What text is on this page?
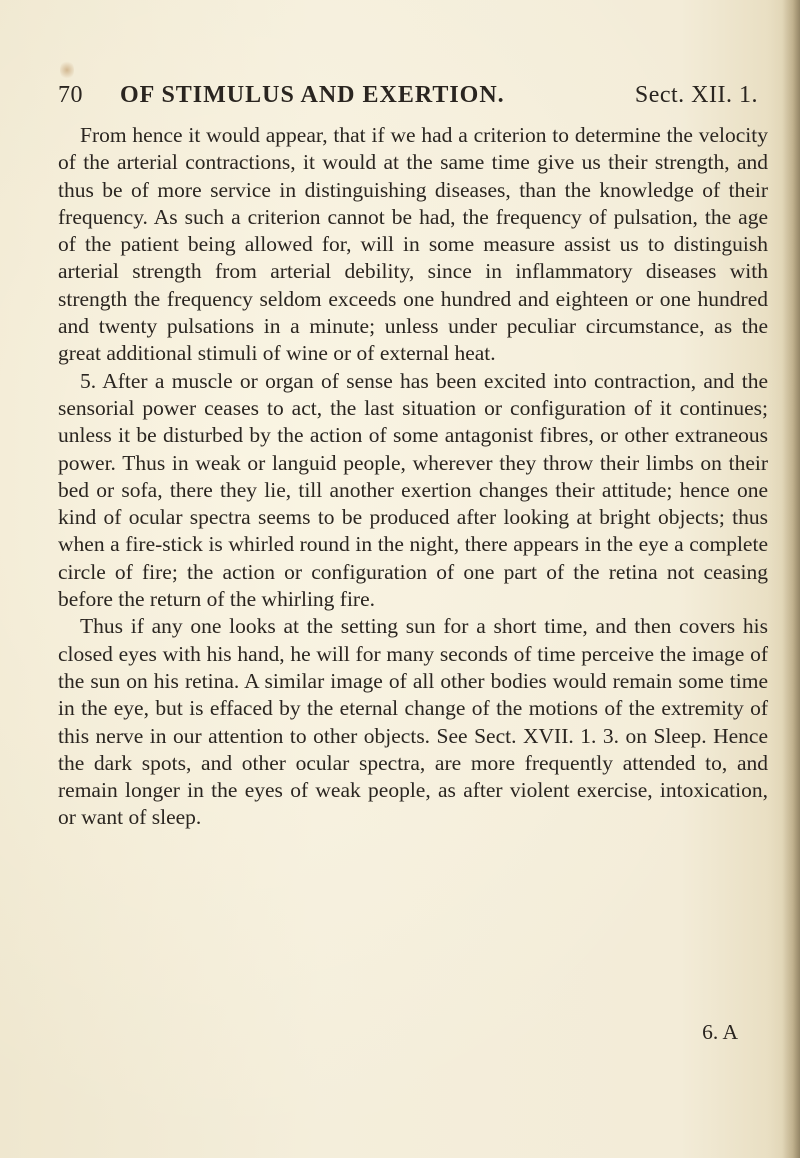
70 OF STIMULUS AND EXERTION.	Sect. XII. 1.

From hence it would appear, that if we had a criterion to determine the velocity of the arterial contractions, it would at the same time give us their strength, and thus be of more service in distinguishing diseases, than the knowledge of their frequency. As such a criterion cannot be had, the frequency of pulsation, the age of the patient being allowed for, will in some measure assist us to distinguish arterial strength from arterial debility, since in inflammatory diseases with strength the frequency seldom exceeds one hundred and eighteen or one hundred and twenty pulsations in a minute; unless under peculiar circumstance, as the great additional stimuli of wine or of external heat.

5. After a muscle or organ of sense has been excited into contraction, and the sensorial power ceases to act, the last situation or configuration of it continues; unless it be disturbed by the action of some antagonist fibres, or other extraneous power. Thus in weak or languid people, wherever they throw their limbs on their bed or sofa, there they lie, till another exertion changes their attitude; hence one kind of ocular spectra seems to be produced after looking at bright objects; thus when a fire-stick is whirled round in the night, there appears in the eye a complete circle of fire; the action or configuration of one part of the retina not ceasing before the return of the whirling fire.

Thus if any one looks at the setting sun for a short time, and then covers his closed eyes with his hand, he will for many seconds of time perceive the image of the sun on his retina. A similar image of all other bodies would remain some time in the eye, but is effaced by the eternal change of the motions of the extremity of this nerve in our attention to other objects. See Sect. XVII. 1. 3. on Sleep. Hence the dark spots, and other ocular spectra, are more frequently attended to, and remain longer in the eyes of weak people, as after violent exercise, intoxication, or want of sleep.

6. A
